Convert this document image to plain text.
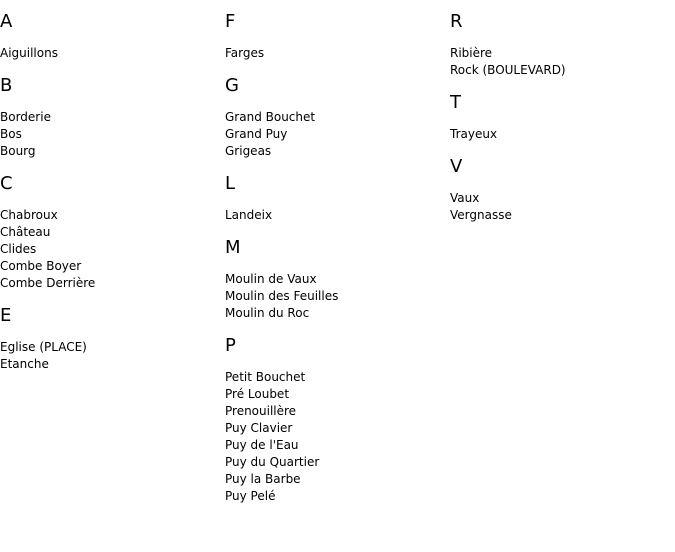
A
Aiguillons
B
Borderie
Bos
Bourg
C
Chabroux
Château
Clides
Combe Boyer
Combe Derrière
E
Eglise (PLACE)
Etanche
F
Farges
G
Grand Bouchet
Grand Puy
Grigeas
L
Landeix
M
Moulin de Vaux
Moulin des Feuilles
Moulin du Roc
P
Petit Bouchet
Pré Loubet
Prenouillère
Puy Clavier
Puy de l'Eau
Puy du Quartier
Puy la Barbe
Puy Pelé
R
Ribière
Rock (BOULEVARD)
T
Trayeux
V
Vaux
Vergnasse
